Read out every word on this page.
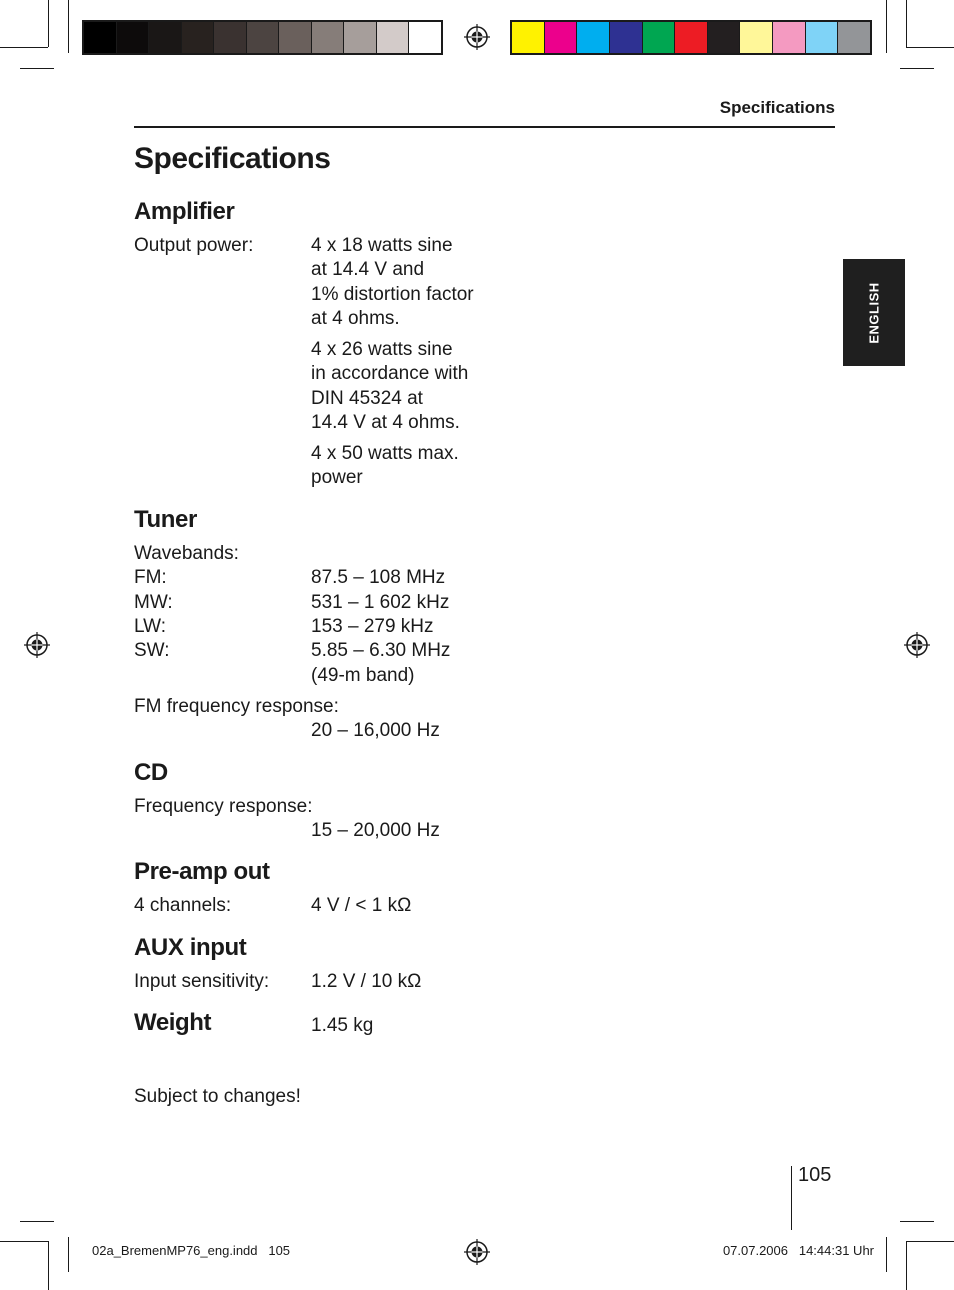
Specifications
ENGLISH
Specifications
Amplifier
Output power:	4 x 18 watts sine
at 14.4 V and
1% distortion factor
at 4 ohms.
4 x 26 watts sine
in accordance with
DIN 45324 at
14.4 V at 4 ohms.
4 x 50 watts max.
power
Tuner
Wavebands:
FM:	87.5 – 108 MHz
MW:	531 – 1 602 kHz
LW:	153 – 279 kHz
SW:	5.85 – 6.30 MHz
(49-m band)
FM frequency response:
20 – 16,000 Hz
CD
Frequency response:
15 – 20,000 Hz
Pre-amp out
4 channels:	4 V / < 1 kΩ
AUX input
Input sensitivity: 1.2 V / 10 kΩ
Weight	1.45 kg
Subject to changes!
105
02a_BremenMP76_eng.indd   105	07.07.2006   14:44:31 Uhr
